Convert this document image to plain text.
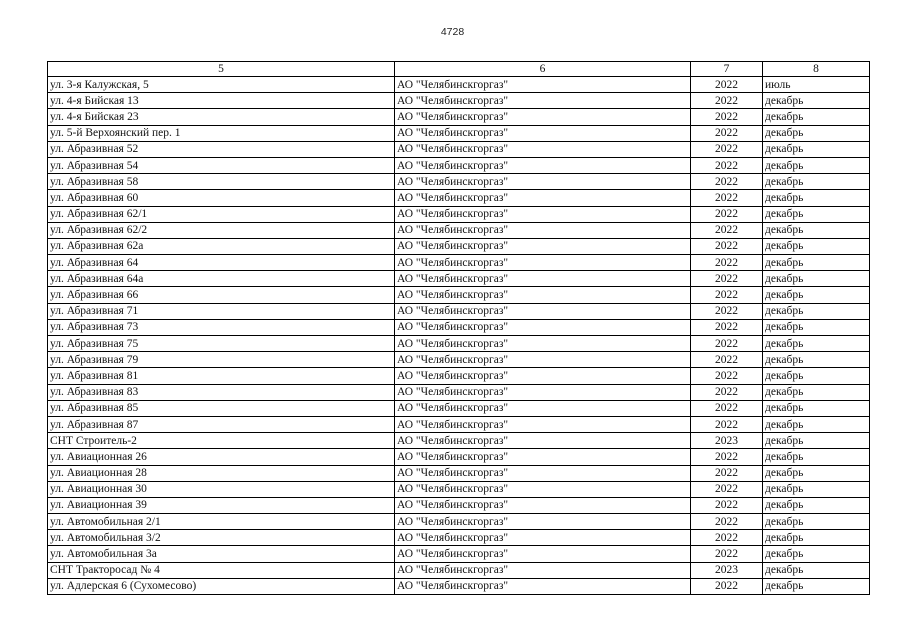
4728
5	6	7	8
ул. 3-я Калужская, 5	АО "Челябинскгоргаз"	2022	июль
ул. 4-я Бийская 13	АО "Челябинскгоргаз"	2022	декабрь
ул. 4-я Бийская 23	АО "Челябинскгоргаз"	2022	декабрь
ул. 5-й Верхоянский пер. 1	АО "Челябинскгоргаз"	2022	декабрь
ул. Абразивная 52	АО "Челябинскгоргаз"	2022	декабрь
ул. Абразивная 54	АО "Челябинскгоргаз"	2022	декабрь
ул. Абразивная 58	АО "Челябинскгоргаз"	2022	декабрь
ул. Абразивная 60	АО "Челябинскгоргаз"	2022	декабрь
ул. Абразивная 62/1	АО "Челябинскгоргаз"	2022	декабрь
ул. Абразивная 62/2	АО "Челябинскгоргаз"	2022	декабрь
ул. Абразивная 62а	АО "Челябинскгоргаз"	2022	декабрь
ул. Абразивная 64	АО "Челябинскгоргаз"	2022	декабрь
ул. Абразивная 64а	АО "Челябинскгоргаз"	2022	декабрь
ул. Абразивная 66	АО "Челябинскгоргаз"	2022	декабрь
ул. Абразивная 71	АО "Челябинскгоргаз"	2022	декабрь
ул. Абразивная 73	АО "Челябинскгоргаз"	2022	декабрь
ул. Абразивная 75	АО "Челябинскгоргаз"	2022	декабрь
ул. Абразивная 79	АО "Челябинскгоргаз"	2022	декабрь
ул. Абразивная 81	АО "Челябинскгоргаз"	2022	декабрь
ул. Абразивная 83	АО "Челябинскгоргаз"	2022	декабрь
ул. Абразивная 85	АО "Челябинскгоргаз"	2022	декабрь
ул. Абразивная 87	АО "Челябинскгоргаз"	2022	декабрь
СНТ Строитель-2	АО "Челябинскгоргаз"	2023	декабрь
ул. Авиационная 26	АО "Челябинскгоргаз"	2022	декабрь
ул. Авиационная 28	АО "Челябинскгоргаз"	2022	декабрь
ул. Авиационная 30	АО "Челябинскгоргаз"	2022	декабрь
ул. Авиационная 39	АО "Челябинскгоргаз"	2022	декабрь
ул. Автомобильная 2/1	АО "Челябинскгоргаз"	2022	декабрь
ул. Автомобильная 3/2	АО "Челябинскгоргаз"	2022	декабрь
ул. Автомобильная 3а	АО "Челябинскгоргаз"	2022	декабрь
СНТ Тракторосад № 4	АО "Челябинскгоргаз"	2023	декабрь
ул. Адлерская 6 (Сухомесово)	АО "Челябинскгоргаз"	2022	декабрь
